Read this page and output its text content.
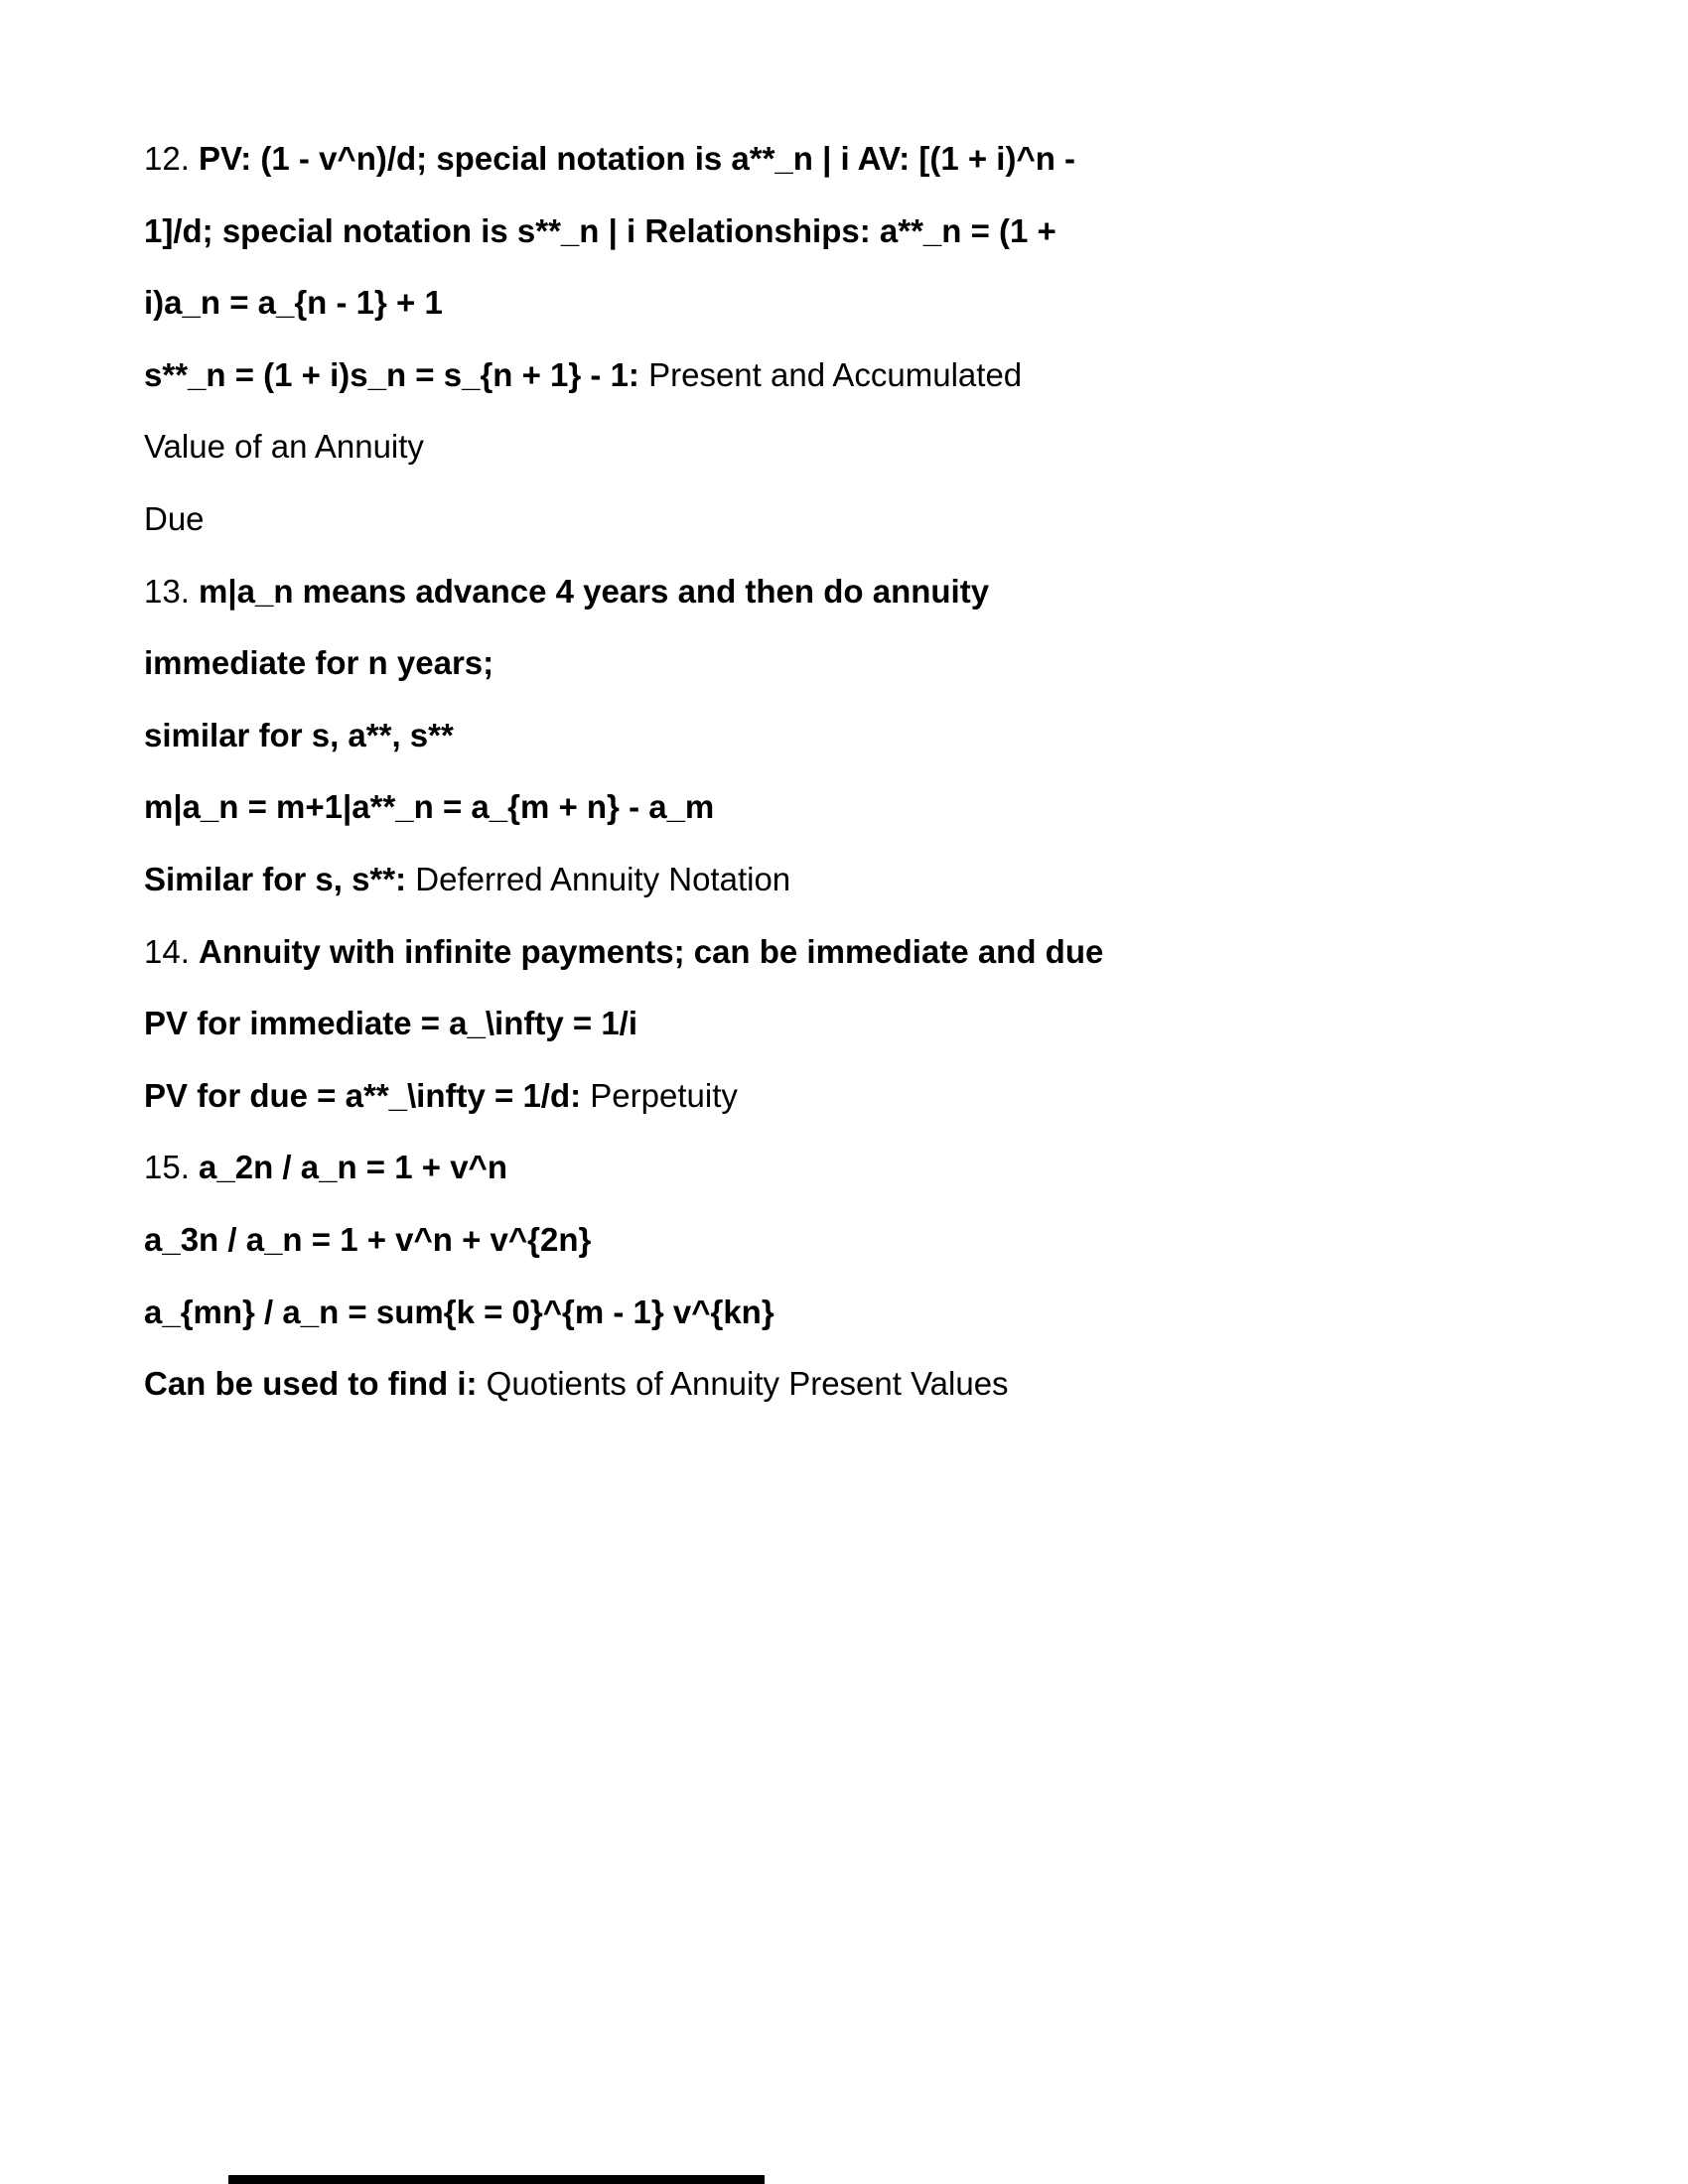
12. PV: (1 - v^n)/d; special notation is a**_n | i AV: [(1 + i)^n -
1]/d; special notation is s**_n | i Relationships: a**_n = (1 +
i)a_n = a_{n - 1} + 1
s**_n = (1 + i)s_n = s_{n + 1} - 1: Present and Accumulated
Value of an Annuity
Due
13. m|a_n means advance 4 years and then do annuity
immediate for n years;
similar for s, a**, s**
m|a_n = m+1|a**_n = a_{m + n} - a_m
Similar for s, s**: Deferred Annuity Notation
14. Annuity with infinite payments; can be immediate and due
PV for immediate = a_\infty = 1/i
PV for due = a**_\infty = 1/d: Perpetuity
15. a_2n / a_n = 1 + v^n
a_3n / a_n = 1 + v^n + v^{2n}
a_{mn} / a_n = sum{k = 0}^{m - 1} v^{kn}
Can be used to find i: Quotients of Annuity Present Values
